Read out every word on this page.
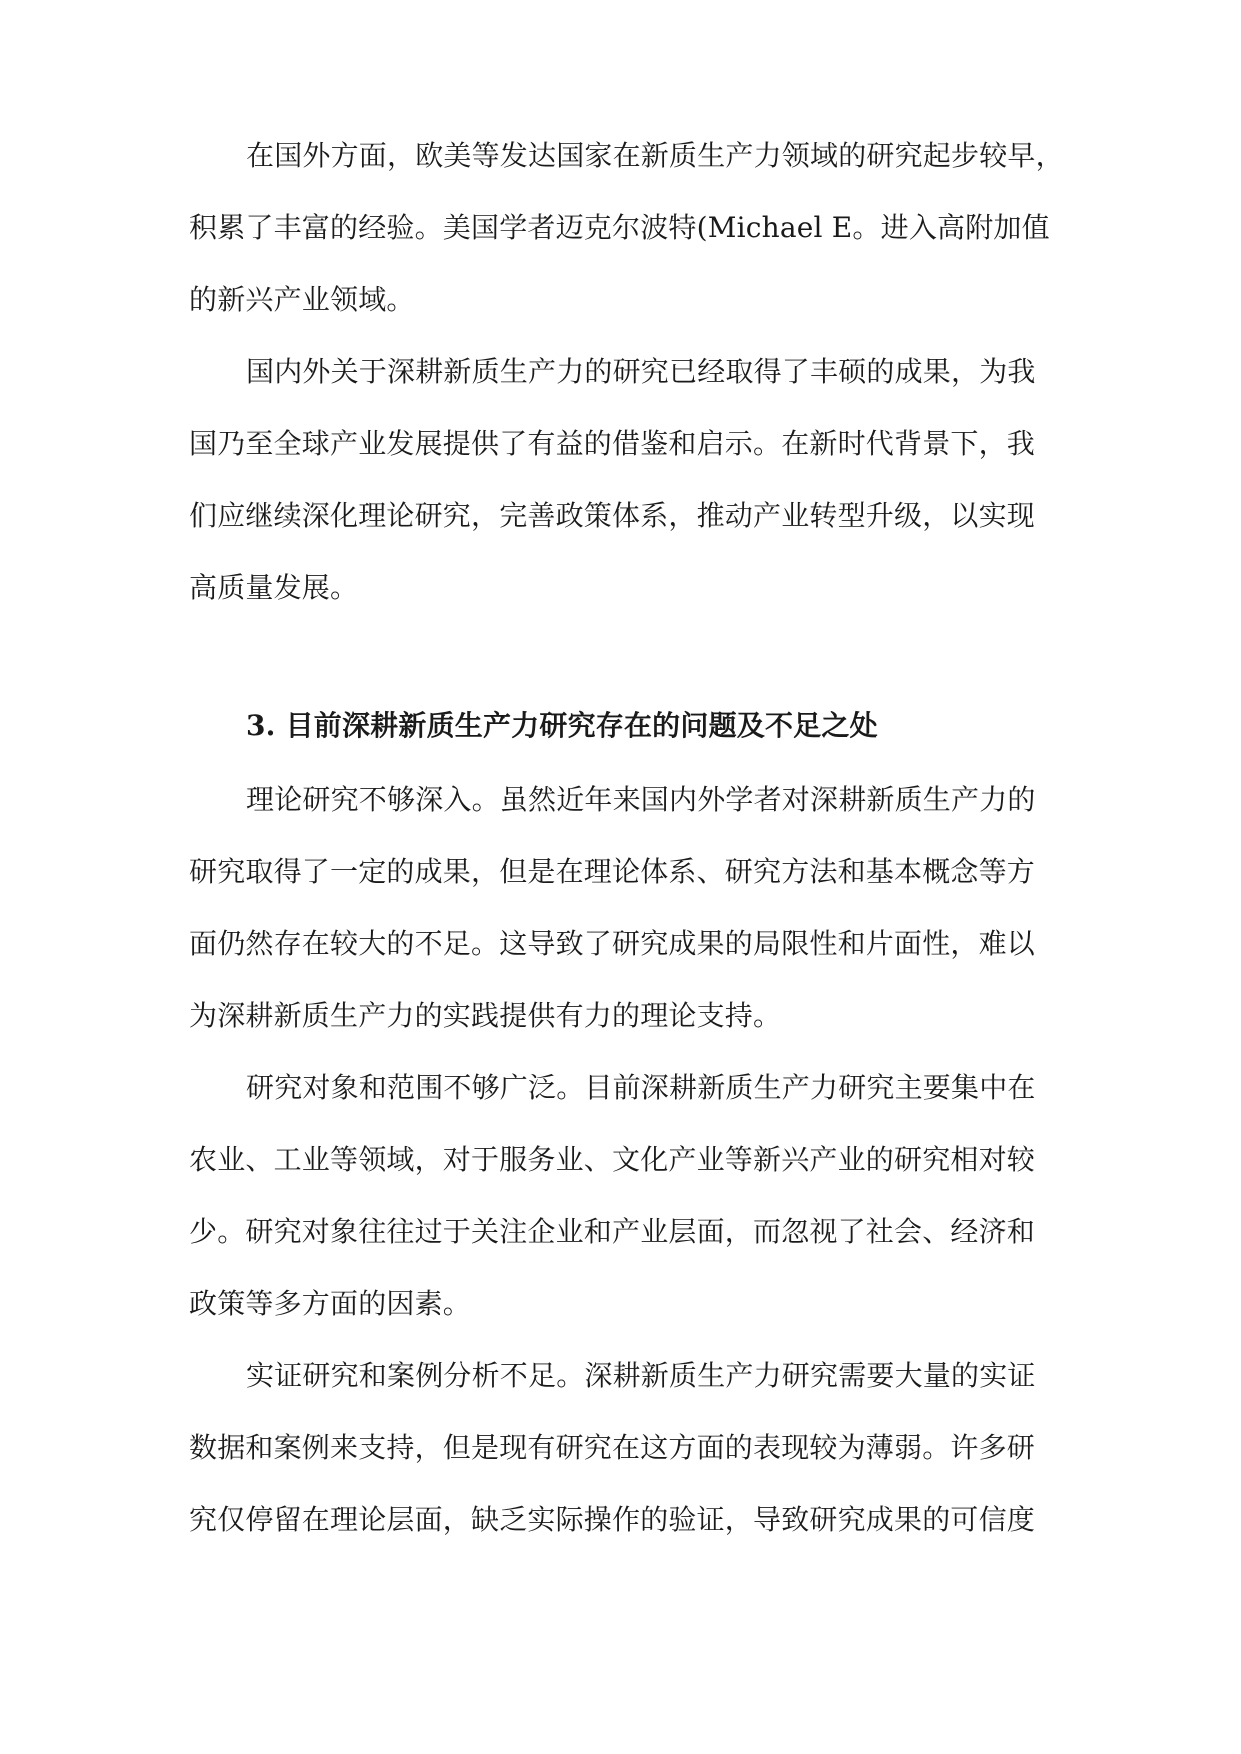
在国外方面，欧美等发达国家在新质生产力领域的研究起步较早，
积累了丰富的经验。美国学者迈克尔波特(Michael E。进入高附加值
的新兴产业领域。
国内外关于深耕新质生产力的研究已经取得了丰硕的成果，为我
国乃至全球产业发展提供了有益的借鉴和启示。在新时代背景下，我
们应继续深化理论研究，完善政策体系，推动产业转型升级，以实现
高质量发展。
3. 目前深耕新质生产力研究存在的问题及不足之处
理论研究不够深入。虽然近年来国内外学者对深耕新质生产力的
研究取得了一定的成果，但是在理论体系、研究方法和基本概念等方
面仍然存在较大的不足。这导致了研究成果的局限性和片面性，难以
为深耕新质生产力的实践提供有力的理论支持。
研究对象和范围不够广泛。目前深耕新质生产力研究主要集中在
农业、工业等领域，对于服务业、文化产业等新兴产业的研究相对较
少。研究对象往往过于关注企业和产业层面，而忽视了社会、经济和
政策等多方面的因素。
实证研究和案例分析不足。深耕新质生产力研究需要大量的实证
数据和案例来支持，但是现有研究在这方面的表现较为薄弱。许多研
究仅停留在理论层面，缺乏实际操作的验证，导致研究成果的可信度
